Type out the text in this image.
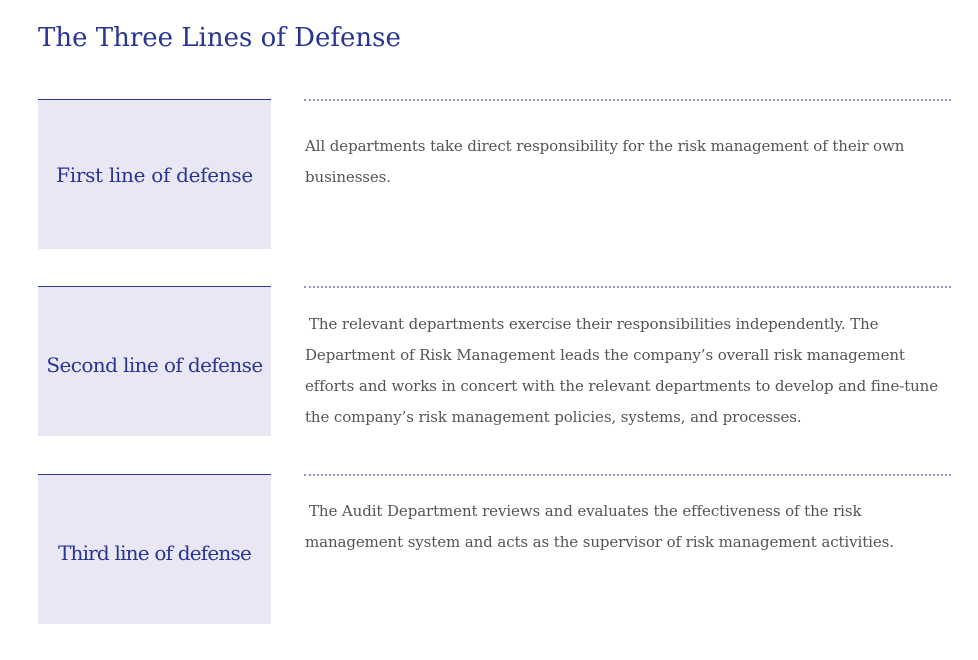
The Three Lines of Defense
First line of defense

All departments take direct responsibility for the risk management of their own businesses.

Second line of defense

The relevant departments exercise their responsibilities independently. The Department of Risk Management leads the company’s overall risk management efforts and works in concert with the relevant departments to develop and fine-tune the company’s risk management policies, systems, and processes.

Third line of defense

The Audit Department reviews and evaluates the effectiveness of the risk management system and acts as the supervisor of risk management activities.
